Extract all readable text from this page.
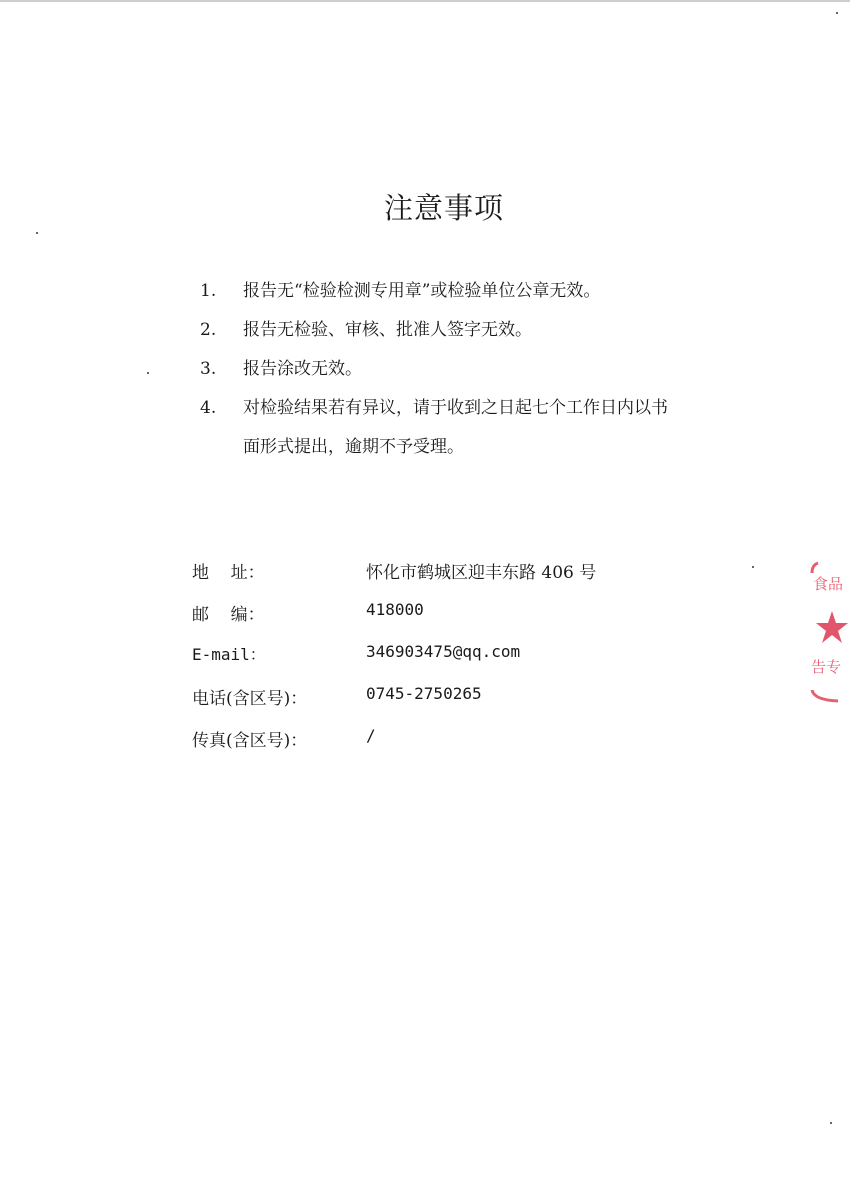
注意事项
1. 报告无“检验检测专用章”或检验单位公章无效。
2. 报告无检验、审核、批准人签字无效。
3. 报告涂改无效。
4. 对检验结果若有异议，请于收到之日起七个工作日内以书
面形式提出，逾期不予受理。
地    址：	怀化市鹤城区迎丰东路 406 号
邮    编：	418000
E-mail：	346903475@qq.com
电话(含区号)：	0745-2750265
传真(含区号)：	/
食品
告专
